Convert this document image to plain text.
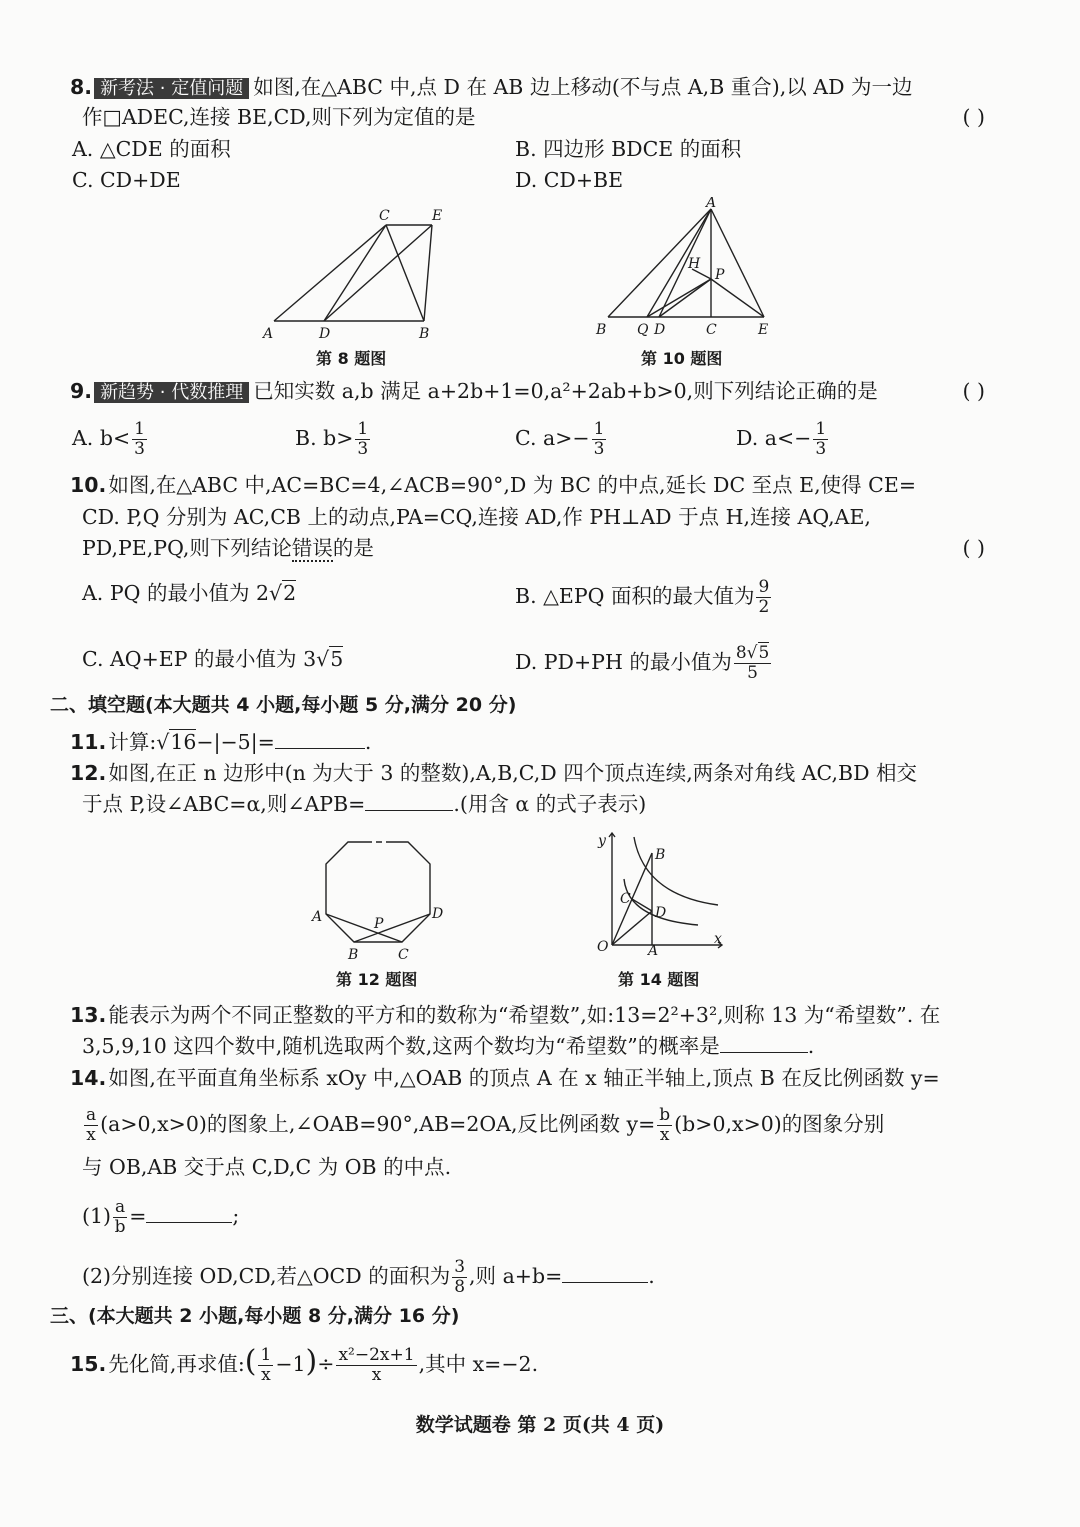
8. 新考法 · 定值问题 如图,在△ABC 中,点 D 在 AB 边上移动(不与点 A,B 重合),以 AD 为一边
作□ADEC,连接 BE,CD,则下列为定值的是	( )
A. △CDE 的面积	B. 四边形 BDCE 的面积
C. CD+DE	D. CD+BE
A	D	B
C	E
第 8 题图
A
H
P
B Q D	C	E
第 10 题图
9. 新趋势 · 代数推理 已知实数 a,b 满足 a+2b+1=0,a²+2ab+b>0,则下列结论正确的是	( )
A. $b< \frac{1}{3}$	B. $b> \frac{1}{3}$	C. $a>- \frac{1}{3}$	D. $a<- \frac{1}{3}$
10.如图,在△ABC 中,AC=BC=4,∠ACB=90°,D 为 BC 的中点,延长 DC 至点 E,使得 CE=
CD. P,Q 分别为 AC,CB 上的动点,PA=CQ,连接 AD,作 PH⊥AD 于点 H,连接 AQ,AE,
PD,PE,PQ,则下列结论错误的是	( )
A. PQ 的最小值为 2√2	B. △EPQ 面积的最大值为 $\frac{9}{2}$
C. AQ+EP 的最小值为 3√5	D. PD+PH 的最小值为 $\frac{8√5}{5}$
二、填空题(本大题共 4 小题,每小题 5 分,满分 20 分)
11.计算:√16−|−5|=	.
12.如图,在正 n 边形中(n 为大于 3 的整数),A,B,C,D 四个顶点连续,两条对角线 AC,BD 相交
于点 P,设∠ABC=α,则∠APB=	.(用含 α 的式子表示)
A
B	C
D
P
第 12 题图
y
B
C
D
O	A
x
第 14 题图
13.能表示为两个不同正整数的平方和的数称为“希望数”,如:13=2²+3²,则称 13 为“希望数”. 在
3,5,9,10 这四个数中,随机选取两个数,这两个数均为“希望数”的概率是	.
14.如图,在平面直角坐标系 xOy 中,△OAB 的顶点 A 在 x 轴正半轴上,顶点 B 在反比例函数 y=
$\frac{a}{x} (a>0,x>0)$的图象上,∠OAB=90°,AB=2OA,反比例函数 $y= \frac{b}{x} (b>0,x>0)$的图象分别
与 OB,AB 交于点 C,D,C 为 OB 的中点.
$(1) \frac{a}{b}$ =	;
(2)分别连接 OD,CD,若△OCD 的面积为 $\frac{3}{8}$ ,则 a+b=	.
三、(本大题共 2 小题,每小题 8 分,满分 16 分)
15.先化简,再求值:( $\frac{1}{x} -1)\div \frac{\text{x²−2x+1}}{x}$ ,其中 x=−2.
数学试题卷 第 2 页(共 4 页)
